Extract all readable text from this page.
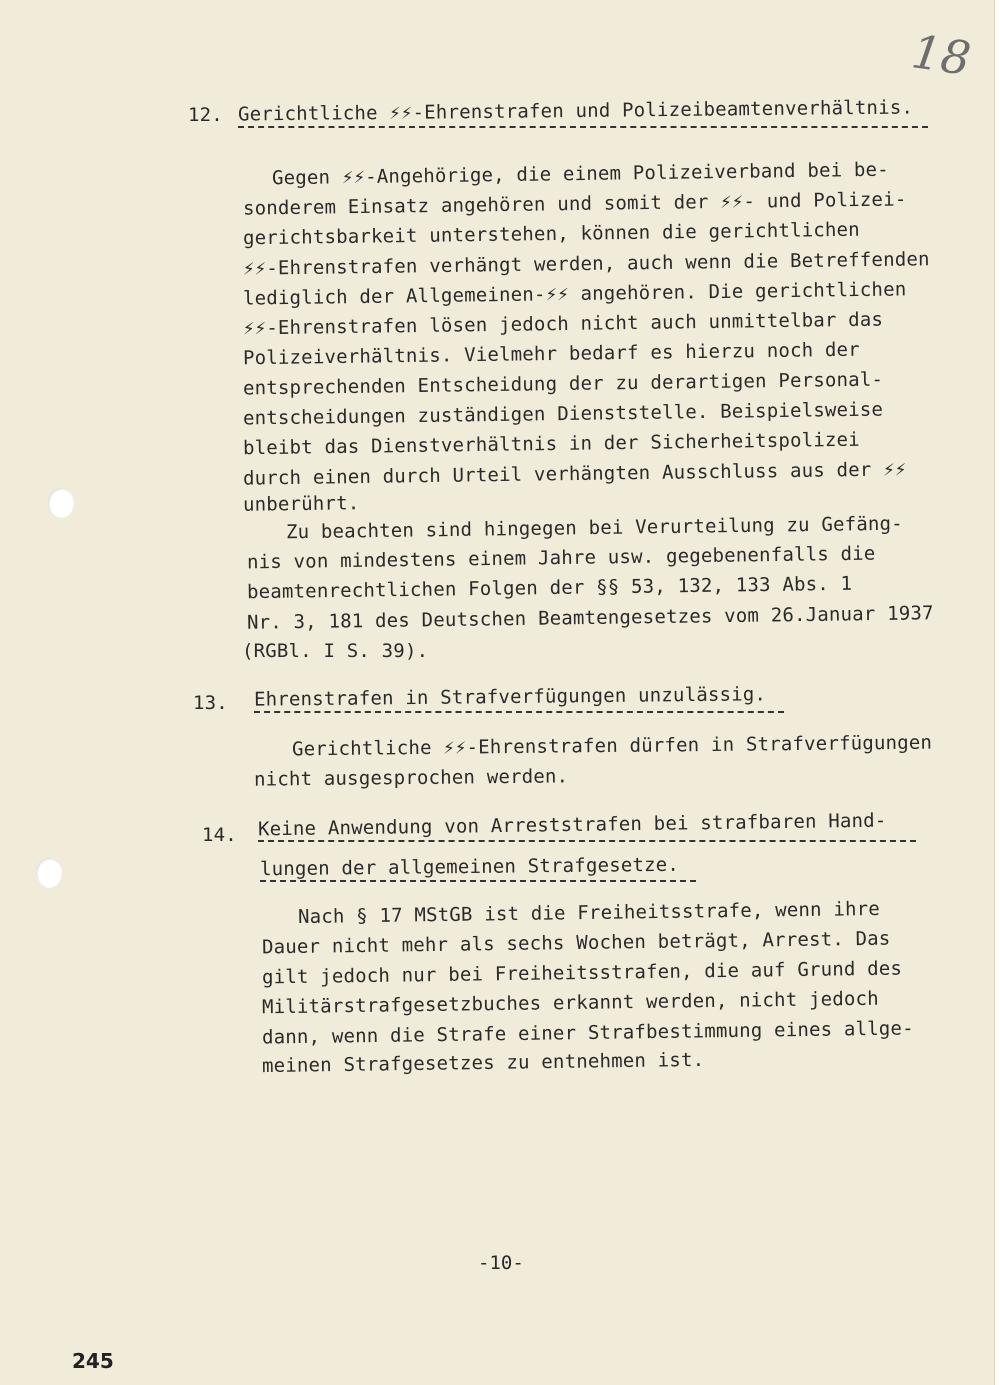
18
12. Gerichtliche ⚡⚡-Ehrenstrafen und Polizeibeamtenverhältnis.
Gegen ⚡⚡-Angehörige, die einem Polizeiverband bei be-
sonderem Einsatz angehören und somit der ⚡⚡- und Polizei-
gerichtsbarkeit unterstehen, können die gerichtlichen
⚡⚡-Ehrenstrafen verhängt werden, auch wenn die Betreffenden
lediglich der Allgemeinen-⚡⚡ angehören. Die gerichtlichen
⚡⚡-Ehrenstrafen lösen jedoch nicht auch unmittelbar das
Polizeiverhältnis. Vielmehr bedarf es hierzu noch der
entsprechenden Entscheidung der zu derartigen Personal-
entscheidungen zuständigen Dienststelle. Beispielsweise
bleibt das Dienstverhältnis in der Sicherheitspolizei
durch einen durch Urteil verhängten Ausschluss aus der ⚡⚡
unberührt.
Zu beachten sind hingegen bei Verurteilung zu Gefäng-
nis von mindestens einem Jahre usw. gegebenenfalls die
beamtenrechtlichen Folgen der §§ 53, 132, 133 Abs. 1
Nr. 3, 181 des Deutschen Beamtengesetzes vom 26.Januar 1937
(RGBl. I S. 39).
13. Ehrenstrafen in Strafverfügungen unzulässig.
Gerichtliche ⚡⚡-Ehrenstrafen dürfen in Strafverfügungen
nicht ausgesprochen werden.
14. Keine Anwendung von Arreststrafen bei strafbaren Hand-
lungen der allgemeinen Strafgesetze.
Nach § 17 MStGB ist die Freiheitsstrafe, wenn ihre
Dauer nicht mehr als sechs Wochen beträgt, Arrest. Das
gilt jedoch nur bei Freiheitsstrafen, die auf Grund des
Militärstrafgesetzbuches erkannt werden, nicht jedoch
dann, wenn die Strafe einer Strafbestimmung eines allge-
meinen Strafgesetzes zu entnehmen ist.
-10-
245
